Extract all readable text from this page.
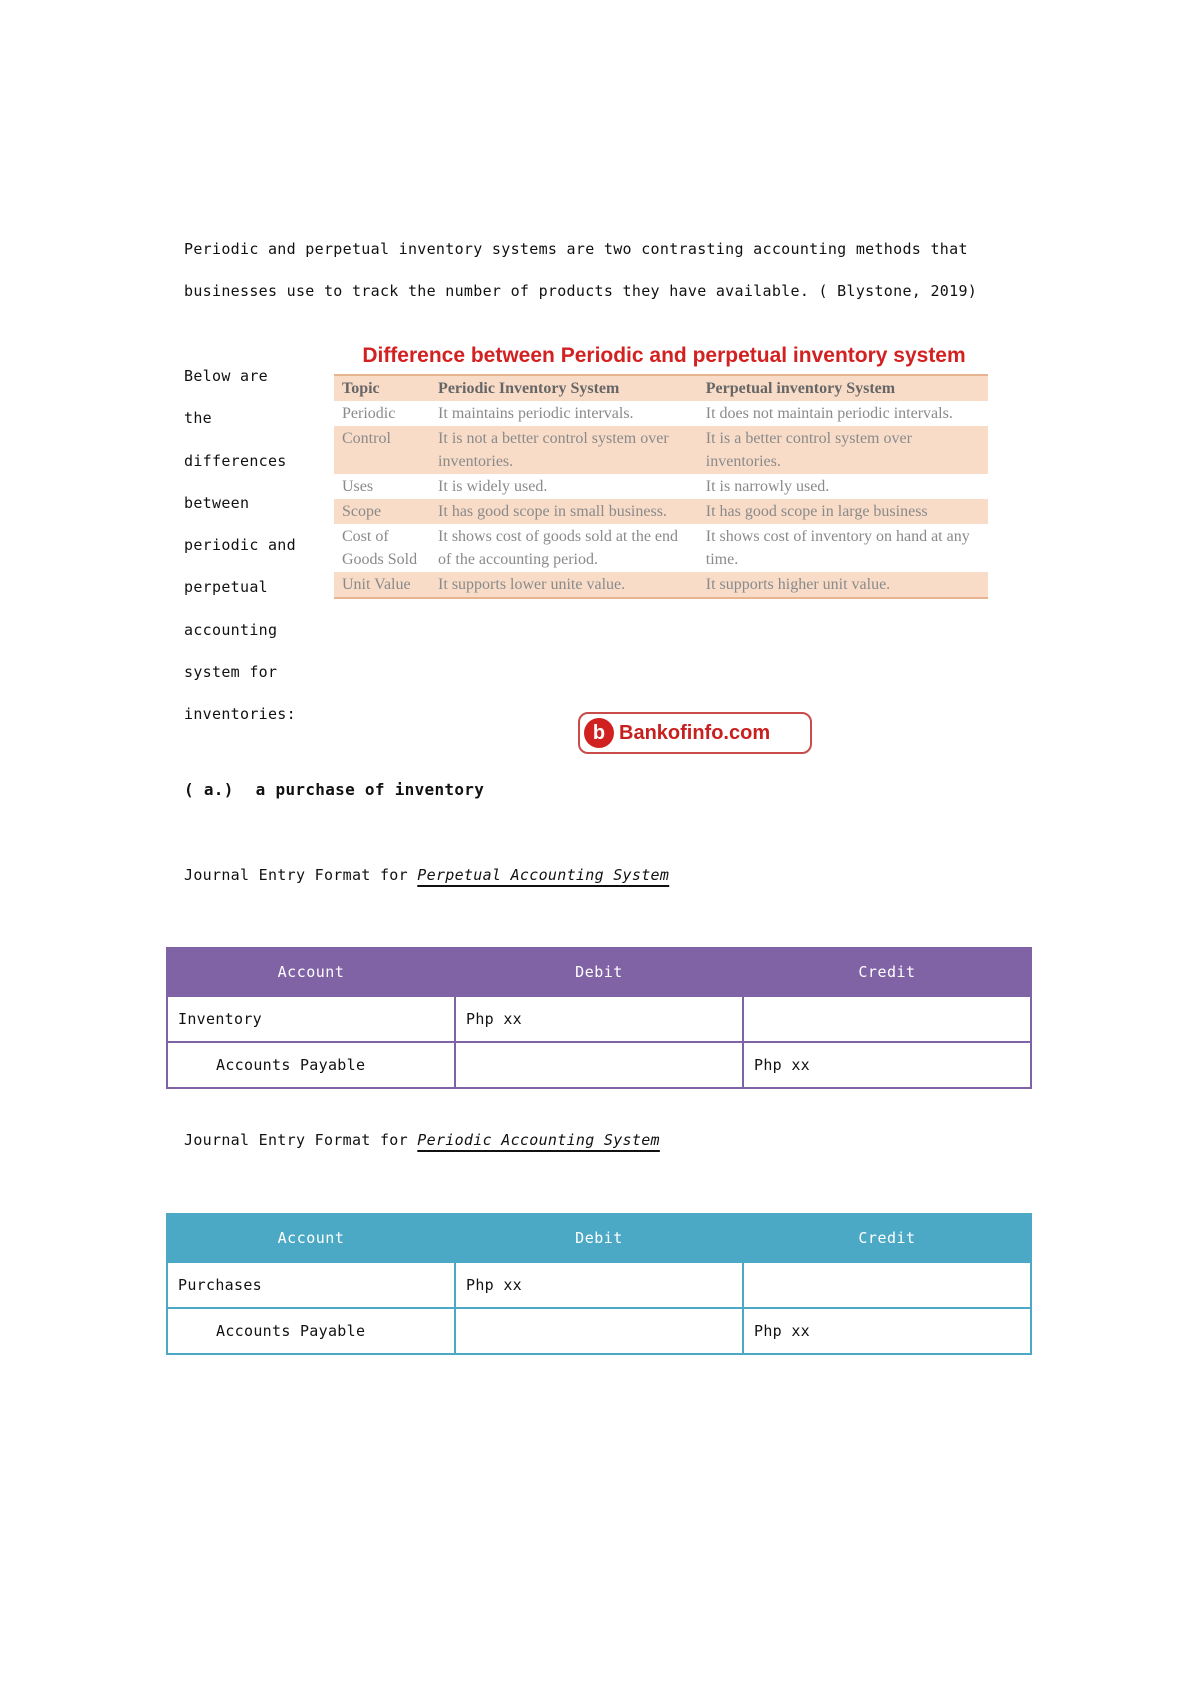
Periodic and perpetual inventory systems are two contrasting accounting methods that
businesses use to track the number of products they have available. ( Blystone, 2019)
Below are
the
differences
between
periodic and
perpetual
accounting
system for
inventories:
Difference between Periodic and perpetual inventory system
Topic	Periodic Inventory System	Perpetual inventory System
Periodic	It maintains periodic intervals.	It does not maintain periodic intervals.
Control	It is not a better control system over inventories.	It is a better control system over inventories.
Uses	It is widely used.	It is narrowly used.
Scope	It has good scope in small business.	It has good scope in large business
Cost of Goods Sold	It shows cost of goods sold at the end of the accounting period.	It shows cost of inventory on hand at any time.
Unit Value	It supports lower unite value.	It supports higher unit value.
b Bankofinfo.com
( a.) a purchase of inventory
Journal Entry Format for Perpetual Accounting System
Account	Debit	Credit
Inventory	Php xx	
Accounts Payable		Php xx
Journal Entry Format for Periodic Accounting System
Account	Debit	Credit
Purchases	Php xx	
Accounts Payable		Php xx
